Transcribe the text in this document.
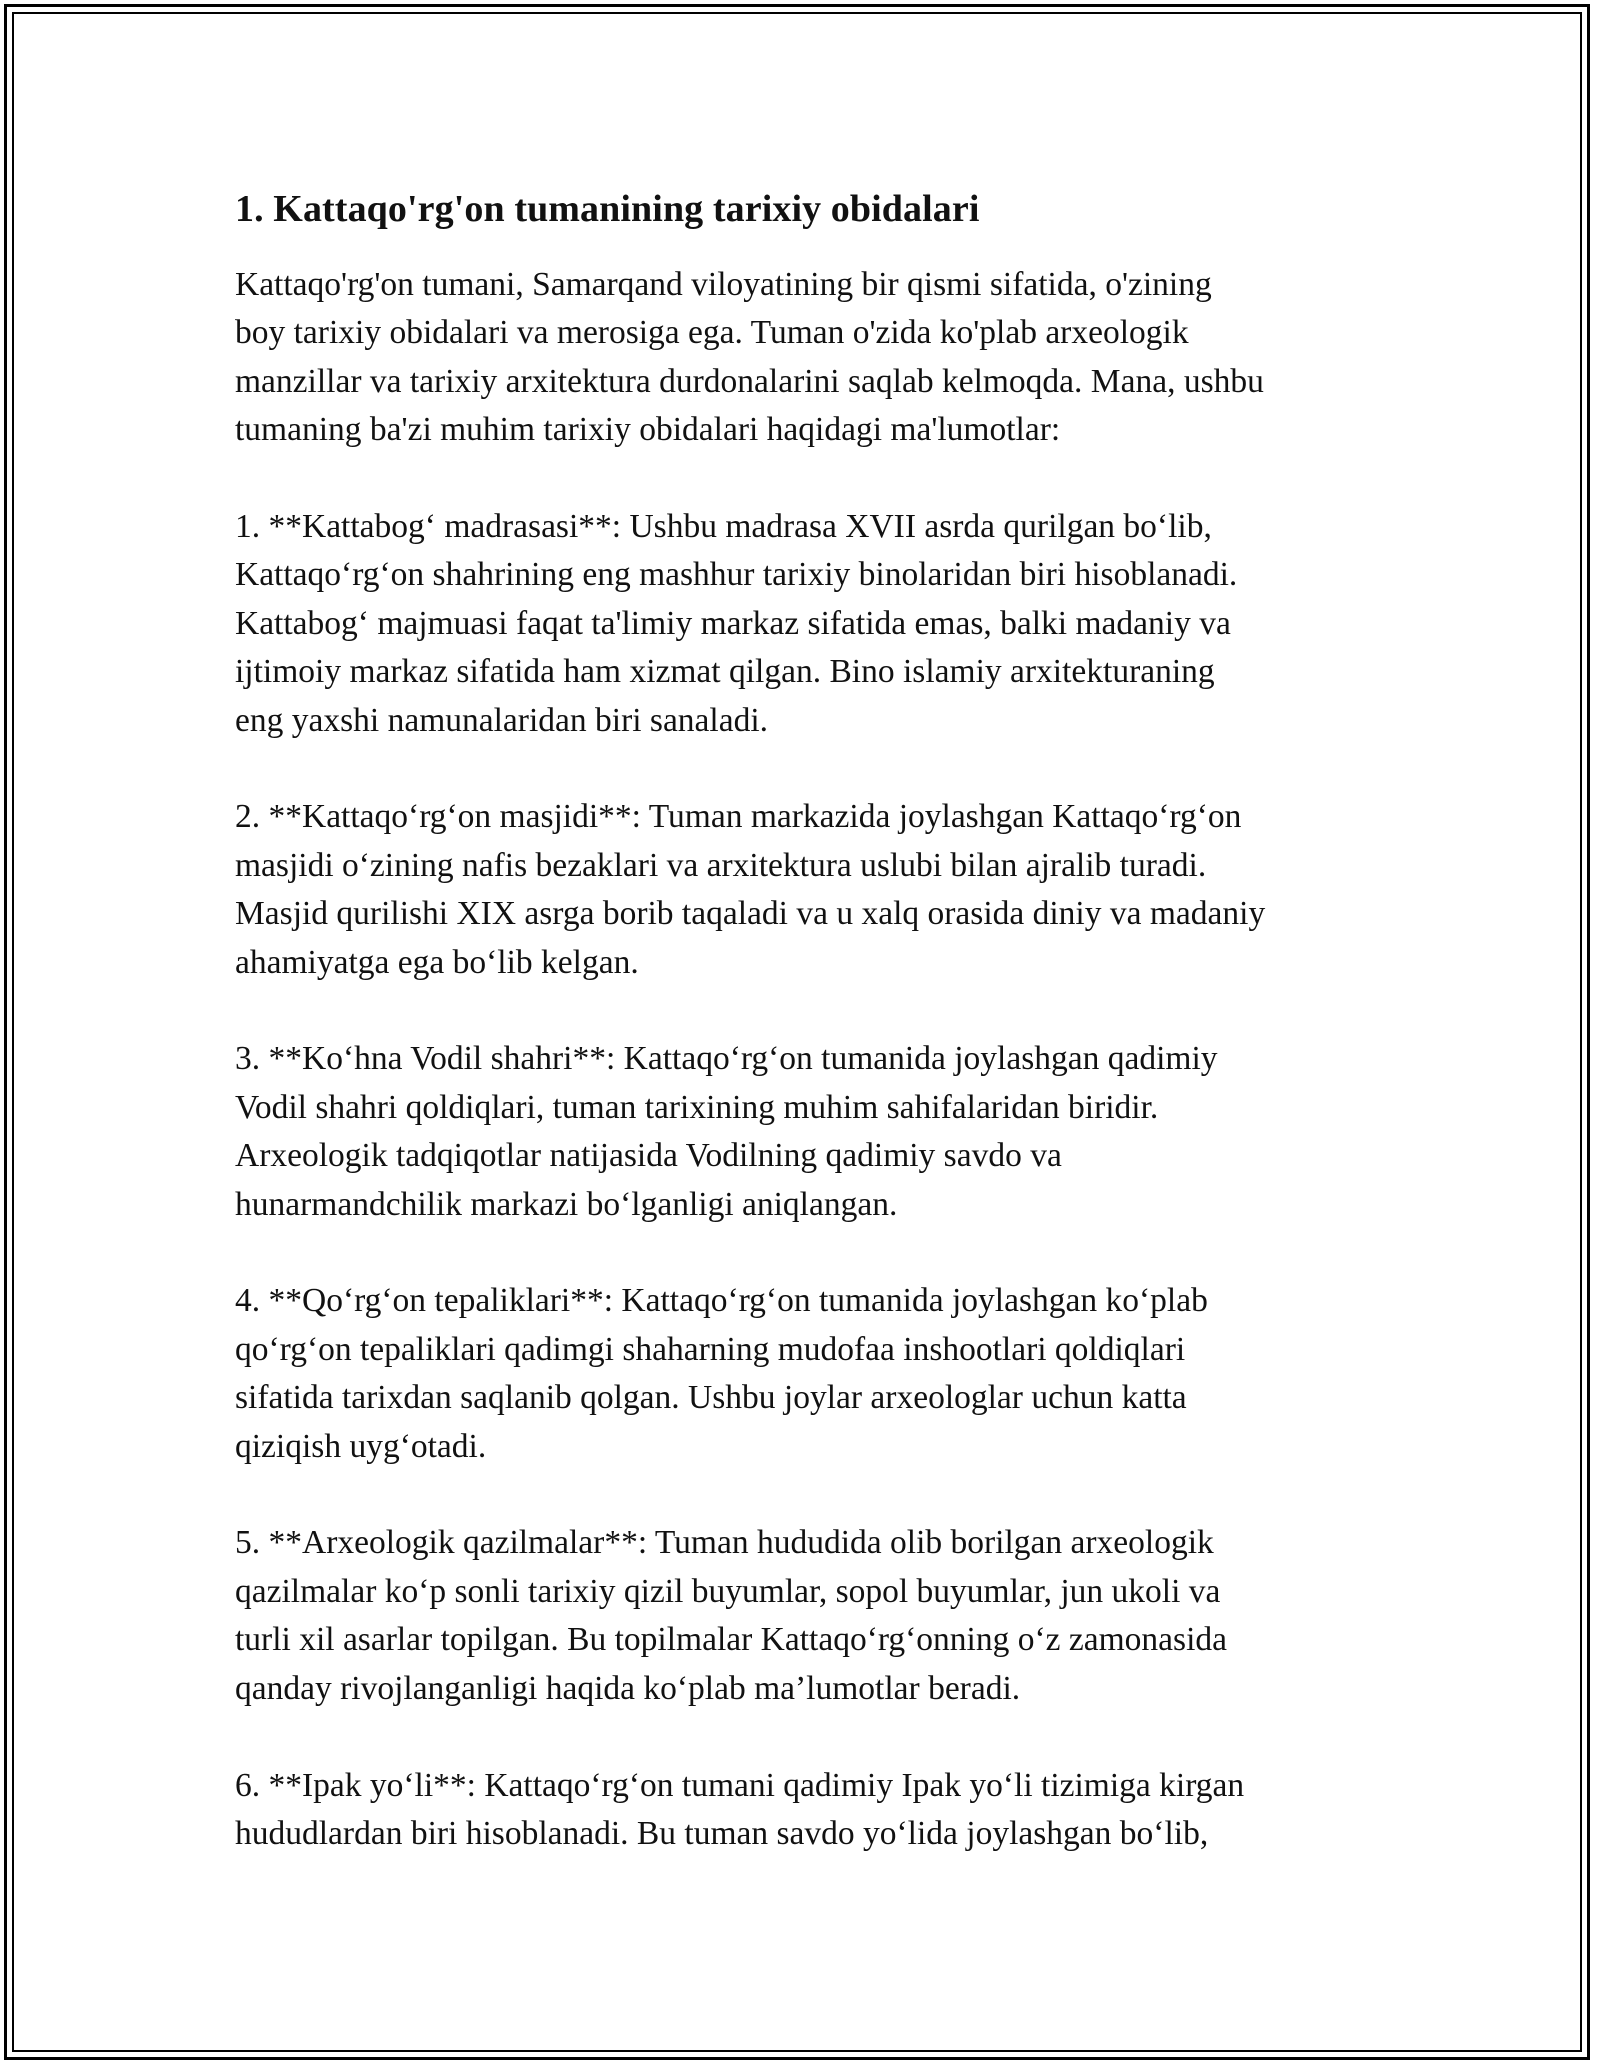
1. Kattaqo'rg'on tumanining tarixiy obidalari
Kattaqo'rg'on tumani, Samarqand viloyatining bir qismi sifatida, o'zining
boy tarixiy obidalari va merosiga ega. Tuman o'zida ko'plab arxeologik
manzillar va tarixiy arxitektura durdonalarini saqlab kelmoqda. Mana, ushbu
tumaning ba'zi muhim tarixiy obidalari haqidagi ma'lumotlar:
1. **Kattabog‘ madrasasi**: Ushbu madrasa XVII asrda qurilgan bo‘lib,
Kattaqo‘rg‘on shahrining eng mashhur tarixiy binolaridan biri hisoblanadi.
Kattabog‘ majmuasi faqat ta'limiy markaz sifatida emas, balki madaniy va
ijtimoiy markaz sifatida ham xizmat qilgan. Bino islamiy arxitekturaning
eng yaxshi namunalaridan biri sanaladi.
2. **Kattaqo‘rg‘on masjidi**: Tuman markazida joylashgan Kattaqo‘rg‘on
masjidi o‘zining nafis bezaklari va arxitektura uslubi bilan ajralib turadi.
Masjid qurilishi XIX asrga borib taqaladi va u xalq orasida diniy va madaniy
ahamiyatga ega bo‘lib kelgan.
3. **Ko‘hna Vodil shahri**: Kattaqo‘rg‘on tumanida joylashgan qadimiy
Vodil shahri qoldiqlari, tuman tarixining muhim sahifalaridan biridir.
Arxeologik tadqiqotlar natijasida Vodilning qadimiy savdo va
hunarmandchilik markazi bo‘lganligi aniqlangan.
4. **Qo‘rg‘on tepaliklari**: Kattaqo‘rg‘on tumanida joylashgan ko‘plab
qo‘rg‘on tepaliklari qadimgi shaharning mudofaa inshootlari qoldiqlari
sifatida tarixdan saqlanib qolgan. Ushbu joylar arxeologlar uchun katta
qiziqish uyg‘otadi.
5. **Arxeologik qazilmalar**: Tuman hududida olib borilgan arxeologik
qazilmalar ko‘p sonli tarixiy qizil buyumlar, sopol buyumlar, jun ukoli va
turli xil asarlar topilgan. Bu topilmalar Kattaqo‘rg‘onning o‘z zamonasida
qanday rivojlanganligi haqida ko‘plab ma’lumotlar beradi.
6. **Ipak yo‘li**: Kattaqo‘rg‘on tumani qadimiy Ipak yo‘li tizimiga kirgan
hududlardan biri hisoblanadi. Bu tuman savdo yo‘lida joylashgan bo‘lib,
